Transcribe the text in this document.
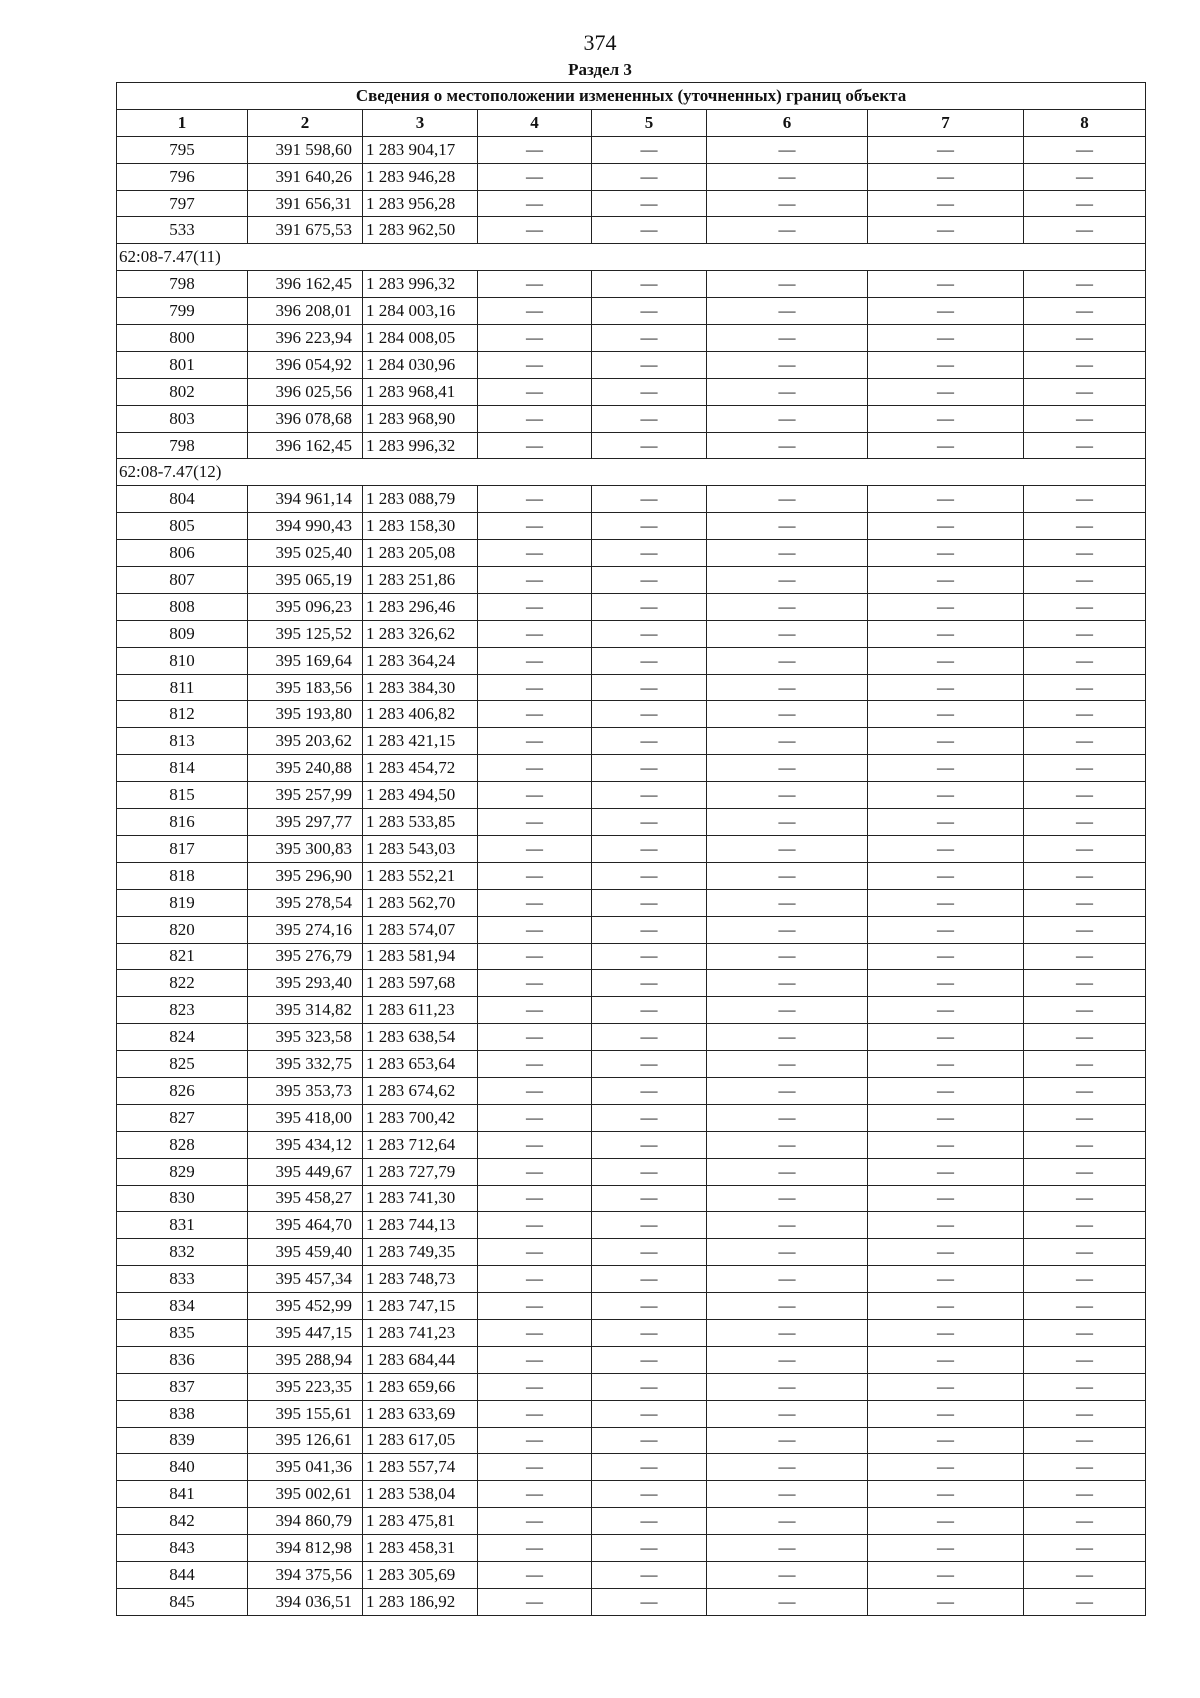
374
Раздел 3
Сведения о местоположении измененных (уточненных) границ объекта							
1	2	3	4	5	6	7	8
795	391 598,60	1 283 904,17	—	—	—	—	—
796	391 640,26	1 283 946,28	—	—	—	—	—
797	391 656,31	1 283 956,28	—	—	—	—	—
533	391 675,53	1 283 962,50	—	—	—	—	—
62:08-7.47(11)							
798	396 162,45	1 283 996,32	—	—	—	—	—
799	396 208,01	1 284 003,16	—	—	—	—	—
800	396 223,94	1 284 008,05	—	—	—	—	—
801	396 054,92	1 284 030,96	—	—	—	—	—
802	396 025,56	1 283 968,41	—	—	—	—	—
803	396 078,68	1 283 968,90	—	—	—	—	—
798	396 162,45	1 283 996,32	—	—	—	—	—
62:08-7.47(12)							
804	394 961,14	1 283 088,79	—	—	—	—	—
805	394 990,43	1 283 158,30	—	—	—	—	—
806	395 025,40	1 283 205,08	—	—	—	—	—
807	395 065,19	1 283 251,86	—	—	—	—	—
808	395 096,23	1 283 296,46	—	—	—	—	—
809	395 125,52	1 283 326,62	—	—	—	—	—
810	395 169,64	1 283 364,24	—	—	—	—	—
811	395 183,56	1 283 384,30	—	—	—	—	—
812	395 193,80	1 283 406,82	—	—	—	—	—
813	395 203,62	1 283 421,15	—	—	—	—	—
814	395 240,88	1 283 454,72	—	—	—	—	—
815	395 257,99	1 283 494,50	—	—	—	—	—
816	395 297,77	1 283 533,85	—	—	—	—	—
817	395 300,83	1 283 543,03	—	—	—	—	—
818	395 296,90	1 283 552,21	—	—	—	—	—
819	395 278,54	1 283 562,70	—	—	—	—	—
820	395 274,16	1 283 574,07	—	—	—	—	—
821	395 276,79	1 283 581,94	—	—	—	—	—
822	395 293,40	1 283 597,68	—	—	—	—	—
823	395 314,82	1 283 611,23	—	—	—	—	—
824	395 323,58	1 283 638,54	—	—	—	—	—
825	395 332,75	1 283 653,64	—	—	—	—	—
826	395 353,73	1 283 674,62	—	—	—	—	—
827	395 418,00	1 283 700,42	—	—	—	—	—
828	395 434,12	1 283 712,64	—	—	—	—	—
829	395 449,67	1 283 727,79	—	—	—	—	—
830	395 458,27	1 283 741,30	—	—	—	—	—
831	395 464,70	1 283 744,13	—	—	—	—	—
832	395 459,40	1 283 749,35	—	—	—	—	—
833	395 457,34	1 283 748,73	—	—	—	—	—
834	395 452,99	1 283 747,15	—	—	—	—	—
835	395 447,15	1 283 741,23	—	—	—	—	—
836	395 288,94	1 283 684,44	—	—	—	—	—
837	395 223,35	1 283 659,66	—	—	—	—	—
838	395 155,61	1 283 633,69	—	—	—	—	—
839	395 126,61	1 283 617,05	—	—	—	—	—
840	395 041,36	1 283 557,74	—	—	—	—	—
841	395 002,61	1 283 538,04	—	—	—	—	—
842	394 860,79	1 283 475,81	—	—	—	—	—
843	394 812,98	1 283 458,31	—	—	—	—	—
844	394 375,56	1 283 305,69	—	—	—	—	—
845	394 036,51	1 283 186,92	—	—	—	—	—
